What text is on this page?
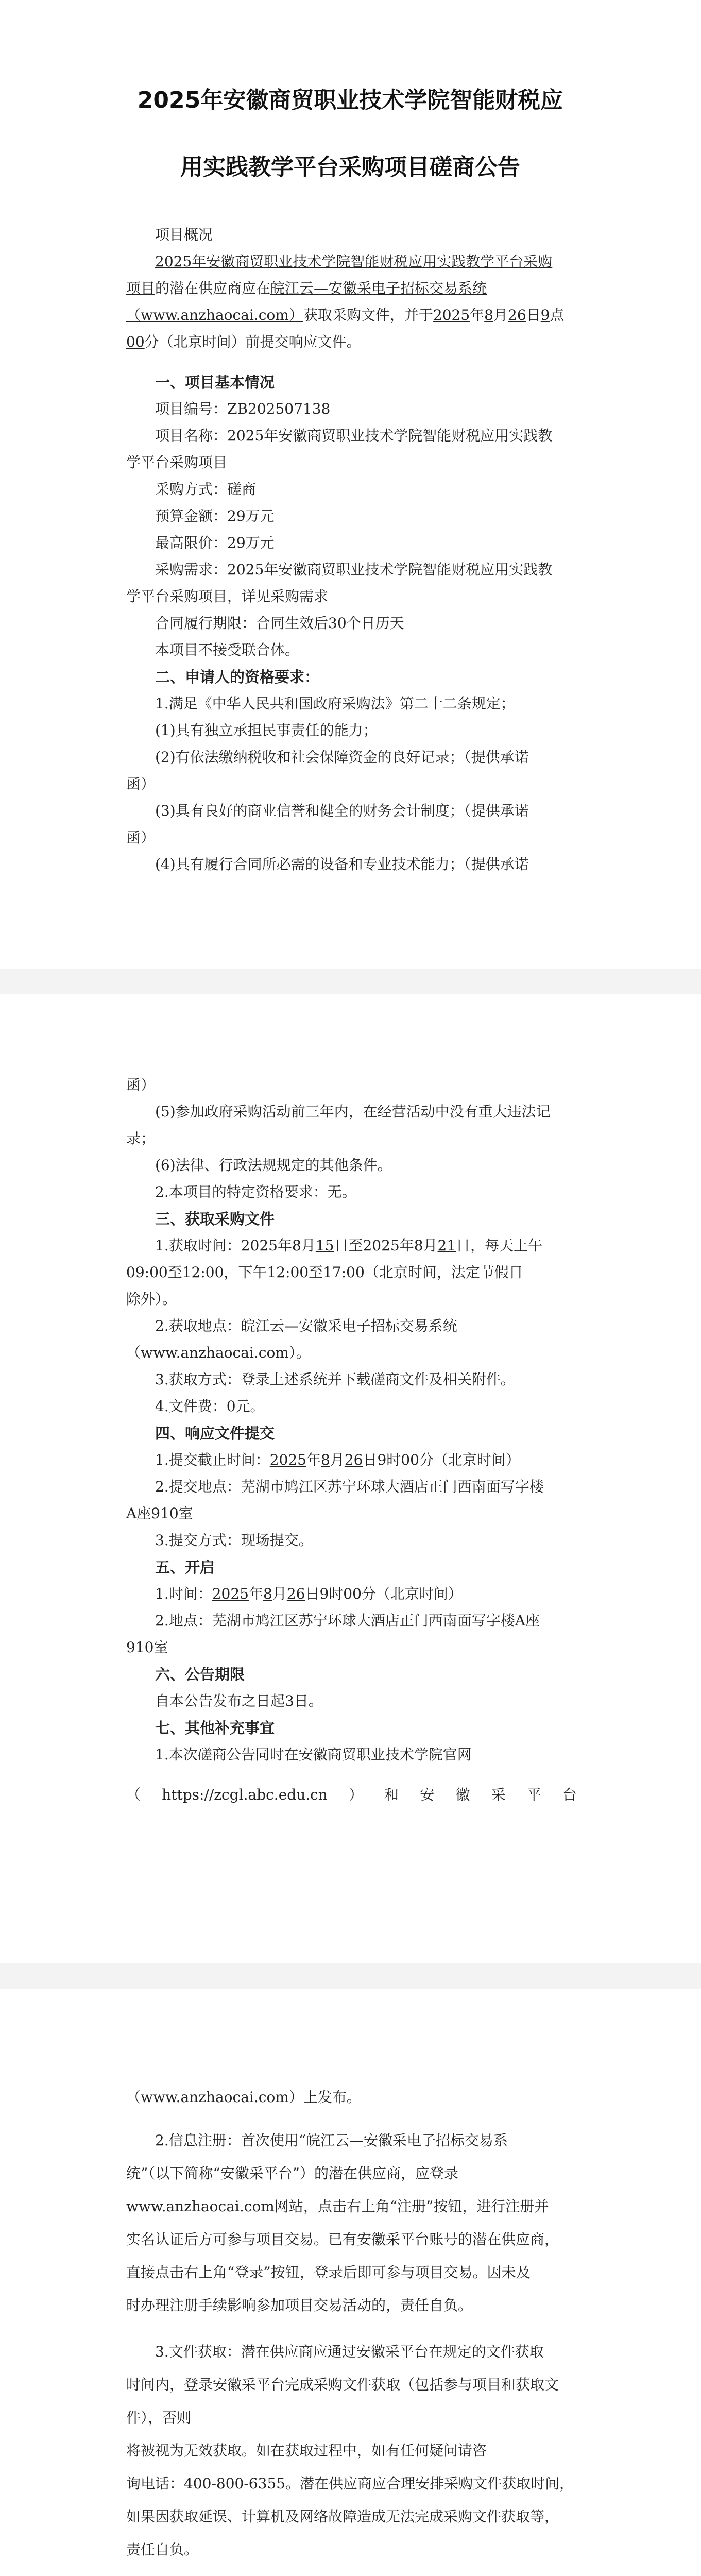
2025年安徽商贸职业技术学院智能财税应
用实践教学平台采购项目磋商公告

项目概况

2025年安徽商贸职业技术学院智能财税应用实践教学平台采购

项目的潜在供应商应在皖江云—安徽采电子招标交易系统

（www.anzhaocai.com）获取采购文件，并于2025年8月26日9点

00分（北京时间）前提交响应文件。

一、项目基本情况

项目编号：ZB202507138

项目名称：2025年安徽商贸职业技术学院智能财税应用实践教

学平台采购项目

采购方式：磋商

预算金额：29万元

最高限价：29万元

采购需求：2025年安徽商贸职业技术学院智能财税应用实践教

学平台采购项目，详见采购需求

合同履行期限：合同生效后30个日历天

本项目不接受联合体。

二、申请人的资格要求：

1.满足《中华人民共和国政府采购法》第二十二条规定；

(1)具有独立承担民事责任的能力；

(2)有依法缴纳税收和社会保障资金的良好记录；（提供承诺

函）

(3)具有良好的商业信誉和健全的财务会计制度；（提供承诺

函）

(4)具有履行合同所必需的设备和专业技术能力；（提供承诺

函）

(5)参加政府采购活动前三年内，在经营活动中没有重大违法记

录；

(6)法律、行政法规规定的其他条件。

2.本项目的特定资格要求：无。

三、获取采购文件

1.获取时间：2025年8月15日至2025年8月21日，每天上午

09:00至12:00，下午12:00至17:00（北京时间，法定节假日

除外）。

2.获取地点：皖江云—安徽采电子招标交易系统

（www.anzhaocai.com）。

3.获取方式：登录上述系统并下载磋商文件及相关附件。

4.文件费：0元。

四、响应文件提交

1.提交截止时间：2025年8月26日9时00分（北京时间）

2.提交地点：芜湖市鸠江区苏宁环球大酒店正门西南面写字楼

A座910室

3.提交方式：现场提交。

五、开启

1.时间：2025年8月26日9时00分（北京时间）

2.地点：芜湖市鸠江区苏宁环球大酒店正门西南面写字楼A座

910室

六、公告期限

自本公告发布之日起3日。

七、其他补充事宜

1.本次磋商公告同时在安徽商贸职业技术学院官网

（ https://zcgl.abc.edu.cn ） 和 安 徽 采 平 台

（www.anzhaocai.com）上发布。

2.信息注册：首次使用“皖江云—安徽采电子招标交易系

统”（以下简称“安徽采平台”）的潜在供应商，应登录

www.anzhaocai.com网站，点击右上角“注册”按钮，进行注册并

实名认证后方可参与项目交易。已有安徽采平台账号的潜在供应商，

直接点击右上角“登录”按钮，登录后即可参与项目交易。因未及

时办理注册手续影响参加项目交易活动的，责任自负。

3.文件获取：潜在供应商应通过安徽采平台在规定的文件获取

时间内，登录安徽采平台完成采购文件获取（包括参与项目和获取文件），否则

将被视为无效获取。如在获取过程中，如有任何疑问请咨

询电话：400-800-6355。潜在供应商应合理安排采购文件获取时间，

如果因获取延误、计算机及网络故障造成无法完成采购文件获取等，

责任自负。
